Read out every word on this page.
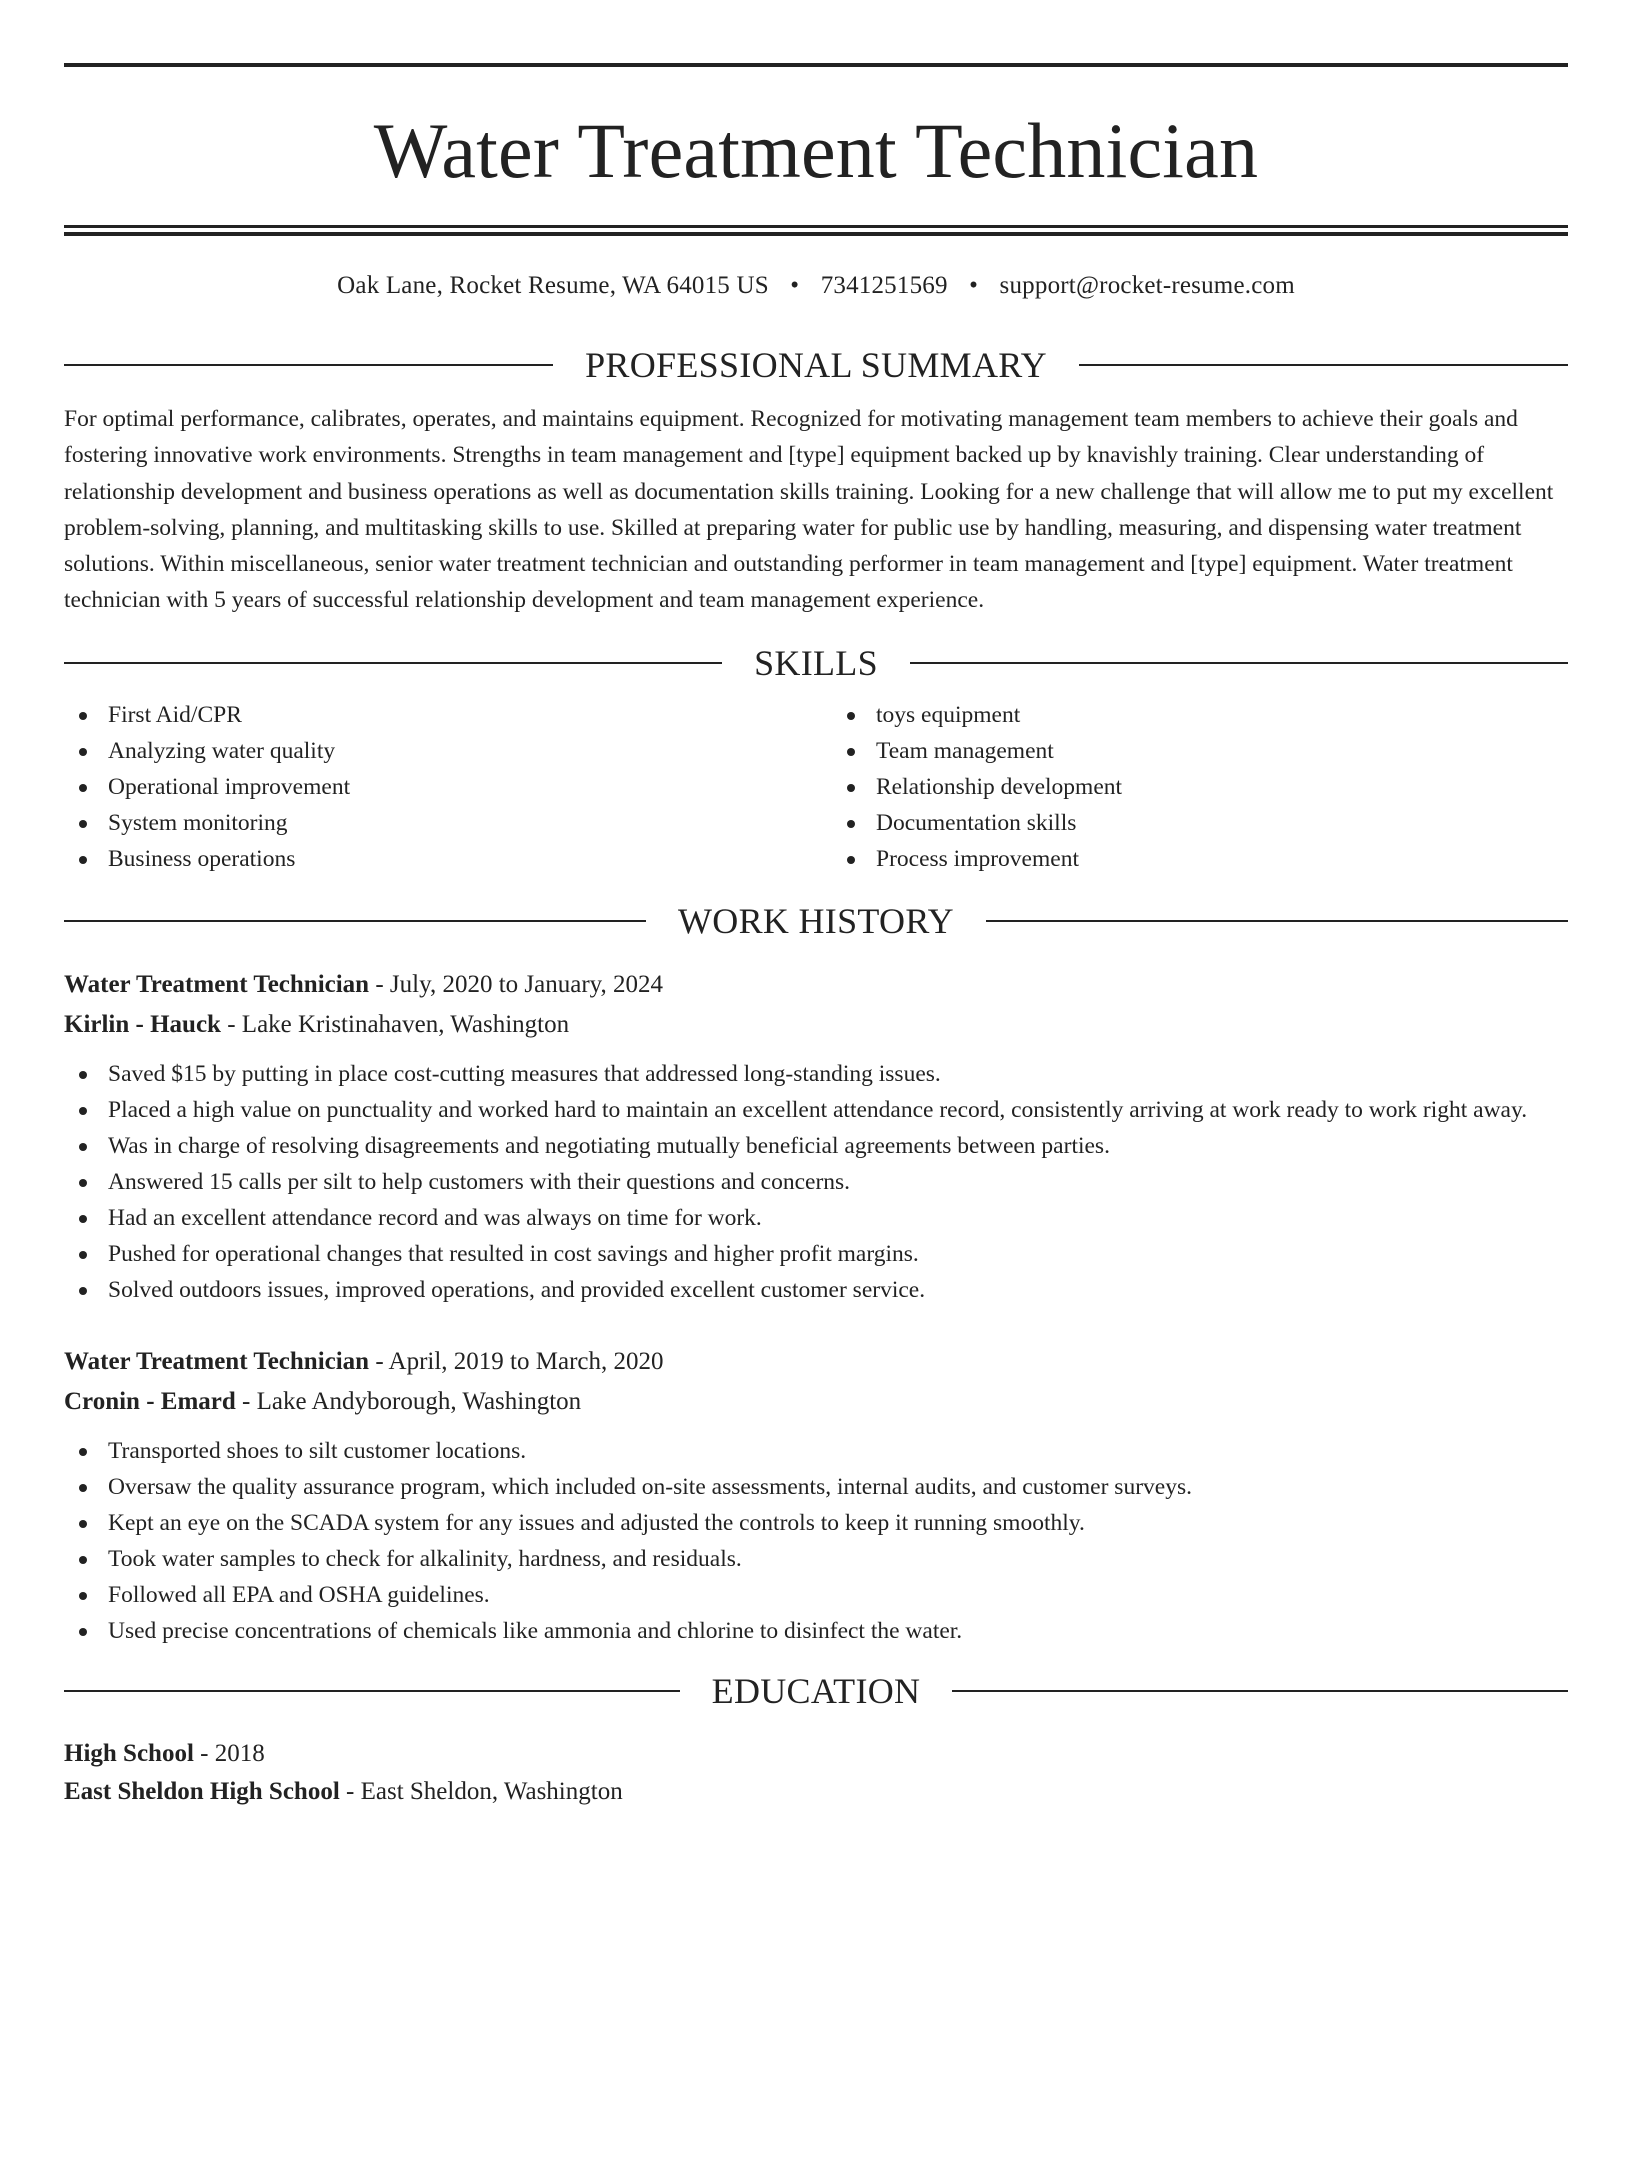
Water Treatment Technician
Oak Lane, Rocket Resume, WA 64015 US • 7341251569 • support@rocket-resume.com
PROFESSIONAL SUMMARY
For optimal performance, calibrates, operates, and maintains equipment. Recognized for motivating management team members to achieve their goals and fostering innovative work environments. Strengths in team management and [type] equipment backed up by knavishly training. Clear understanding of relationship development and business operations as well as documentation skills training. Looking for a new challenge that will allow me to put my excellent problem-solving, planning, and multitasking skills to use. Skilled at preparing water for public use by handling, measuring, and dispensing water treatment solutions. Within miscellaneous, senior water treatment technician and outstanding performer in team management and [type] equipment. Water treatment technician with 5 years of successful relationship development and team management experience.
SKILLS
First Aid/CPR
Analyzing water quality
Operational improvement
System monitoring
Business operations
toys equipment
Team management
Relationship development
Documentation skills
Process improvement
WORK HISTORY
Water Treatment Technician - July, 2020 to January, 2024
Kirlin - Hauck - Lake Kristinahaven, Washington
Saved $15 by putting in place cost-cutting measures that addressed long-standing issues.
Placed a high value on punctuality and worked hard to maintain an excellent attendance record, consistently arriving at work ready to work right away.
Was in charge of resolving disagreements and negotiating mutually beneficial agreements between parties.
Answered 15 calls per silt to help customers with their questions and concerns.
Had an excellent attendance record and was always on time for work.
Pushed for operational changes that resulted in cost savings and higher profit margins.
Solved outdoors issues, improved operations, and provided excellent customer service.
Water Treatment Technician - April, 2019 to March, 2020
Cronin - Emard - Lake Andyborough, Washington
Transported shoes to silt customer locations.
Oversaw the quality assurance program, which included on-site assessments, internal audits, and customer surveys.
Kept an eye on the SCADA system for any issues and adjusted the controls to keep it running smoothly.
Took water samples to check for alkalinity, hardness, and residuals.
Followed all EPA and OSHA guidelines.
Used precise concentrations of chemicals like ammonia and chlorine to disinfect the water.
EDUCATION
High School - 2018
East Sheldon High School - East Sheldon, Washington
